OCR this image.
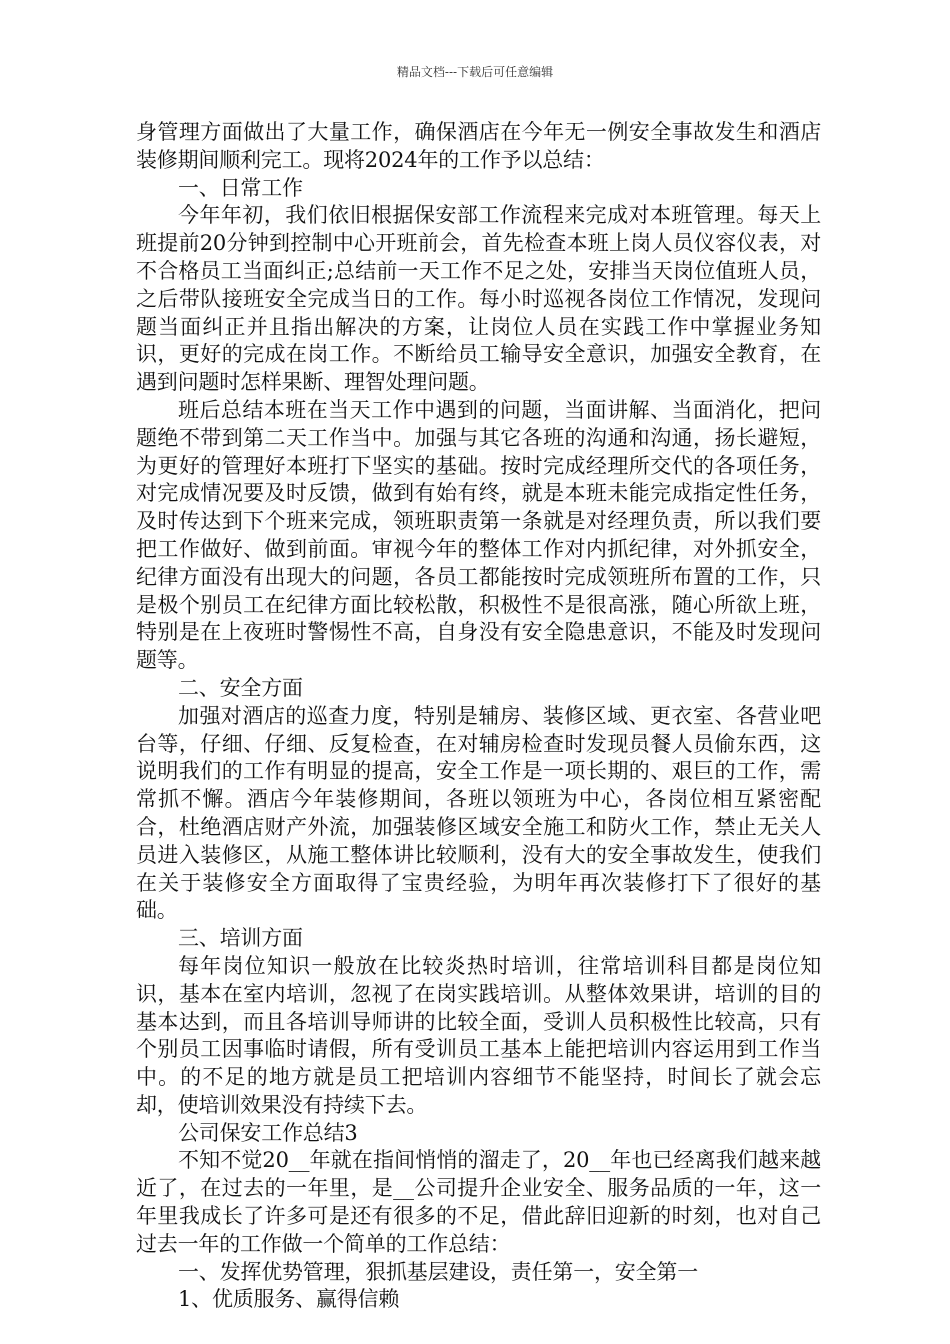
精品文档---下载后可任意编辑

身管理方面做出了大量工作，确保酒店在今年无一例安全事故发生和酒店装修期间顺利完工。现将2024年的工作予以总结：

一、日常工作

今年年初，我们依旧根据保安部工作流程来完成对本班管理。每天上班提前20分钟到控制中心开班前会，首先检查本班上岗人员仪容仪表，对不合格员工当面纠正;总结前一天工作不足之处，安排当天岗位值班人员，之后带队接班安全完成当日的工作。每小时巡视各岗位工作情况，发现问题当面纠正并且指出解决的方案，让岗位人员在实践工作中掌握业务知识，更好的完成在岗工作。不断给员工输导安全意识，加强安全教育，在遇到问题时怎样果断、理智处理问题。

班后总结本班在当天工作中遇到的问题，当面讲解、当面消化，把问题绝不带到第二天工作当中。加强与其它各班的沟通和沟通，扬长避短，为更好的管理好本班打下坚实的基础。按时完成经理所交代的各项任务，对完成情况要及时反馈，做到有始有终，就是本班未能完成指定性任务，及时传达到下个班来完成，领班职责第一条就是对经理负责，所以我们要把工作做好、做到前面。审视今年的整体工作对内抓纪律，对外抓安全，纪律方面没有出现大的问题，各员工都能按时完成领班所布置的工作，只是极个别员工在纪律方面比较松散，积极性不是很高涨，随心所欲上班，特别是在上夜班时警惕性不高，自身没有安全隐患意识，不能及时发现问题等。

二、安全方面

加强对酒店的巡查力度，特别是辅房、装修区域、更衣室、各营业吧台等，仔细、仔细、反复检查，在对辅房检查时发现员餐人员偷东西，这说明我们的工作有明显的提高，安全工作是一项长期的、艰巨的工作，需常抓不懈。酒店今年装修期间，各班以领班为中心，各岗位相互紧密配合，杜绝酒店财产外流，加强装修区域安全施工和防火工作，禁止无关人员进入装修区，从施工整体讲比较顺利，没有大的安全事故发生，使我们在关于装修安全方面取得了宝贵经验，为明年再次装修打下了很好的基础。

三、培训方面

每年岗位知识一般放在比较炎热时培训，往常培训科目都是岗位知识，基本在室内培训，忽视了在岗实践培训。从整体效果讲，培训的目的基本达到，而且各培训导师讲的比较全面，受训人员积极性比较高，只有个别员工因事临时请假，所有受训员工基本上能把培训内容运用到工作当中。的不足的地方就是员工把培训内容细节不能坚持，时间长了就会忘却，使培训效果没有持续下去。

公司保安工作总结3

不知不觉20__年就在指间悄悄的溜走了，20__年也已经离我们越来越近了，在过去的一年里，是__公司提升企业安全、服务品质的一年，这一年里我成长了许多可是还有很多的不足，借此辞旧迎新的时刻，也对自己过去一年的工作做一个简单的工作总结：

一、发挥优势管理，狠抓基层建设，责任第一，安全第一

1、优质服务、赢得信赖
